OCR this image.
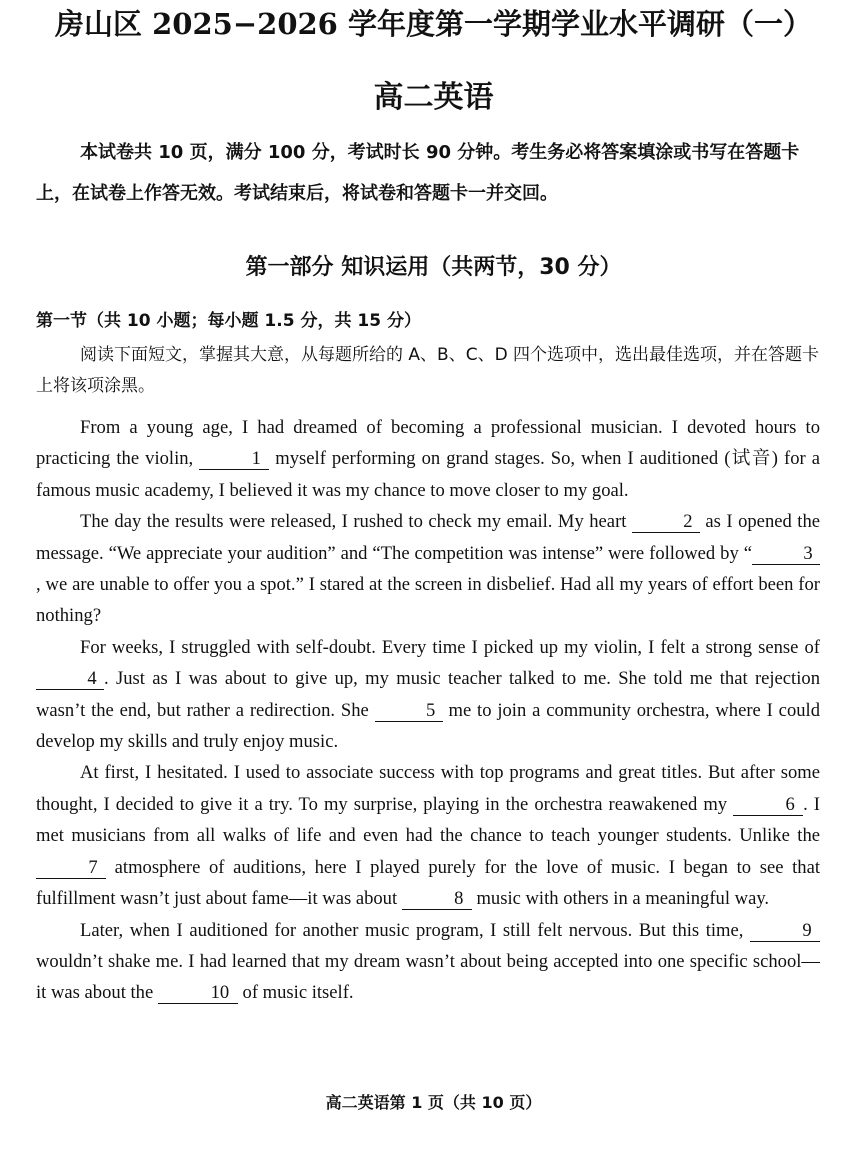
房山区 2025−2026 学年度第一学期学业水平调研（一）
高二英语
本试卷共 10 页，满分 100 分，考试时长 90 分钟。考生务必将答案填涂或书写在答题卡上，在试卷上作答无效。考试结束后，将试卷和答题卡一并交回。
第一部分 知识运用（共两节，30 分）
第一节（共 10 小题；每小题 1.5 分，共 15 分）
阅读下面短文，掌握其大意，从每题所给的 A、B、C、D 四个选项中，选出最佳选项，并在答题卡上将该项涂黑。

From a young age, I had dreamed of becoming a professional musician. I devoted hours to practicing the violin,	1 myself performing on grand stages. So, when I auditioned (试音) for a famous music academy, I believed it was my chance to move closer to my goal.

The day the results were released, I rushed to check my email. My heart	2 as I opened the message. “We appreciate your audition” and “The competition was intense” were followed by “	3, we are unable to offer you a spot.” I stared at the screen in disbelief. Had all my years of effort been for nothing?

For weeks, I struggled with self-doubt. Every time I picked up my violin, I felt a strong sense of 4 . Just as I was about to give up, my music teacher talked to me. She told me that rejection wasn’t the end, but rather a redirection. She	5 me to join a community orchestra, where I could develop my skills and truly enjoy music.

At first, I hesitated. I used to associate success with top programs and great titles. But after some thought, I decided to give it a try. To my surprise, playing in the orchestra reawakened my	6 . I met musicians from all walks of life and even had the chance to teach younger students. Unlike the 7 atmosphere of auditions, here I played purely for the love of music. I began to see that fulfillment wasn’t just about fame—it was about	8 music with others in a meaningful way.

Later, when I auditioned for another music program, I still felt nervous. But this time,	9 wouldn’t shake me. I had learned that my dream wasn’t about being accepted into one specific school—it was about the	10 of music itself.

高二英语第 1 页（共 10 页）
